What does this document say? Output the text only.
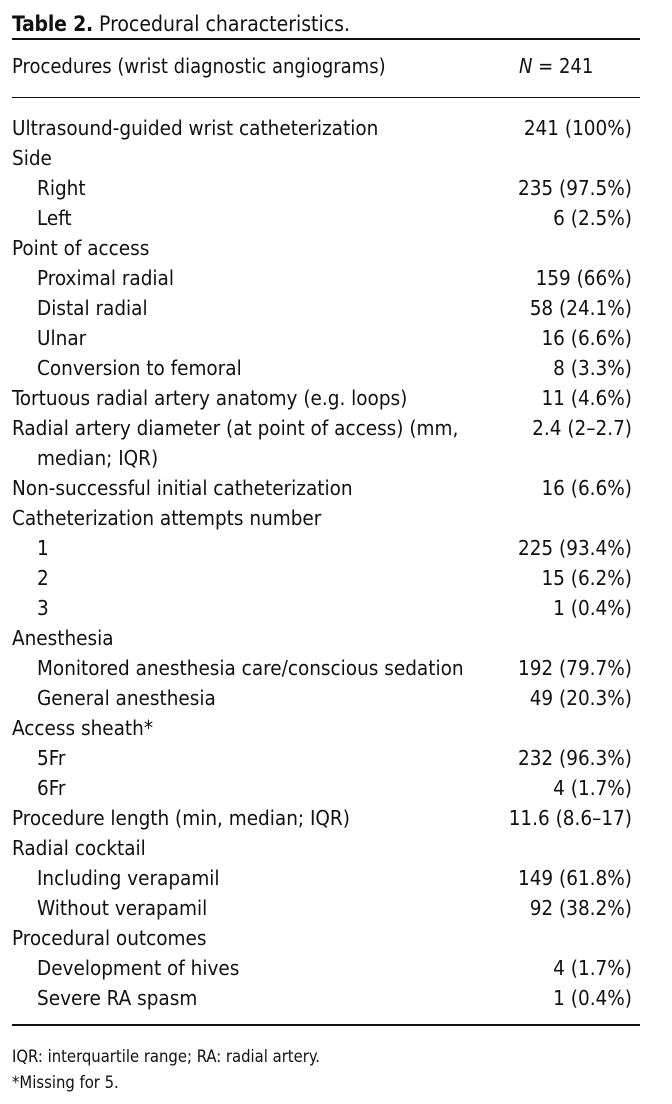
Table 2. Procedural characteristics.
Procedures (wrist diagnostic angiograms)	N = 241
Ultrasound-guided wrist catheterization	241 (100%)
Side
Right	235 (97.5%)
Left	6 (2.5%)
Point of access
Proximal radial	159 (66%)
Distal radial	58 (24.1%)
Ulnar	16 (6.6%)
Conversion to femoral	8 (3.3%)
Tortuous radial artery anatomy (e.g. loops)	11 (4.6%)
Radial artery diameter (at point of access) (mm,
median; IQR)
2.4 (2–2.7)
Non-successful initial catheterization	16 (6.6%)
Catheterization attempts number
1	225 (93.4%)
2	15 (6.2%)
3	1 (0.4%)
Anesthesia
Monitored anesthesia care/conscious sedation	192 (79.7%)
General anesthesia	49 (20.3%)
Access sheath*
5Fr	232 (96.3%)
6Fr	4 (1.7%)
Procedure length (min, median; IQR)	11.6 (8.6–17)
Radial cocktail
Including verapamil	149 (61.8%)
Without verapamil	92 (38.2%)
Procedural outcomes
Development of hives	4 (1.7%)
Severe RA spasm	1 (0.4%)
IQR: interquartile range; RA: radial artery.
*Missing for 5.
